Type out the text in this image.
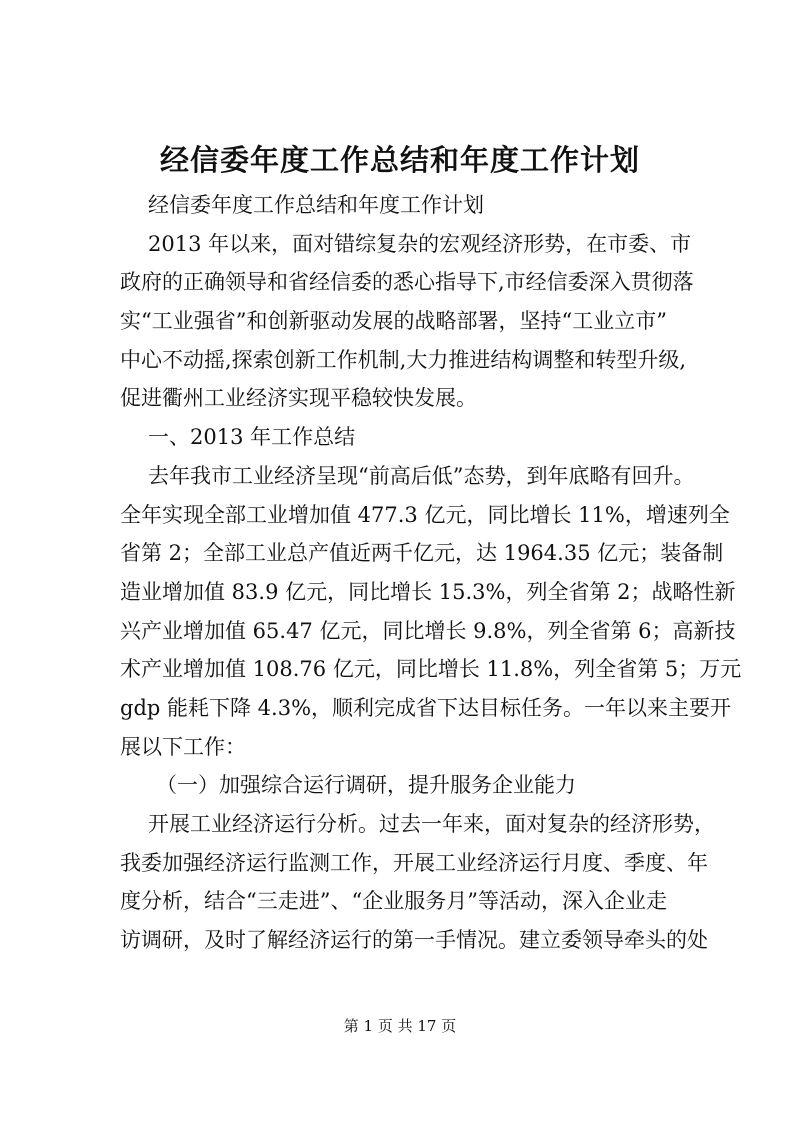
经信委年度工作总结和年度工作计划
经信委年度工作总结和年度工作计划
2013 年以来，面对错综复杂的宏观经济形势，在市委、市
政府的正确领导和省经信委的悉心指导下,市经信委深入贯彻落
实“工业强省”和创新驱动发展的战略部署，坚持“工业立市”
中心不动摇,探索创新工作机制,大力推进结构调整和转型升级,
促进衢州工业经济实现平稳较快发展。
一、2013 年工作总结
去年我市工业经济呈现“前高后低”态势，到年底略有回升。
全年实现全部工业增加值 477.3 亿元，同比增长 11%，增速列全
省第 2；全部工业总产值近两千亿元，达 1964.35 亿元；装备制
造业增加值 83.9 亿元，同比增长 15.3%，列全省第 2；战略性新
兴产业增加值 65.47 亿元，同比增长 9.8%，列全省第 6；高新技
术产业增加值 108.76 亿元，同比增长 11.8%，列全省第 5；万元
gdp 能耗下降 4.3%，顺利完成省下达目标任务。一年以来主要开
展以下工作：
（一）加强综合运行调研，提升服务企业能力
开展工业经济运行分析。过去一年来，面对复杂的经济形势，
我委加强经济运行监测工作，开展工业经济运行月度、季度、年
度分析，结合“三走进”、“企业服务月”等活动，深入企业走
访调研，及时了解经济运行的第一手情况。建立委领导牵头的处
第 1 页 共 17 页
